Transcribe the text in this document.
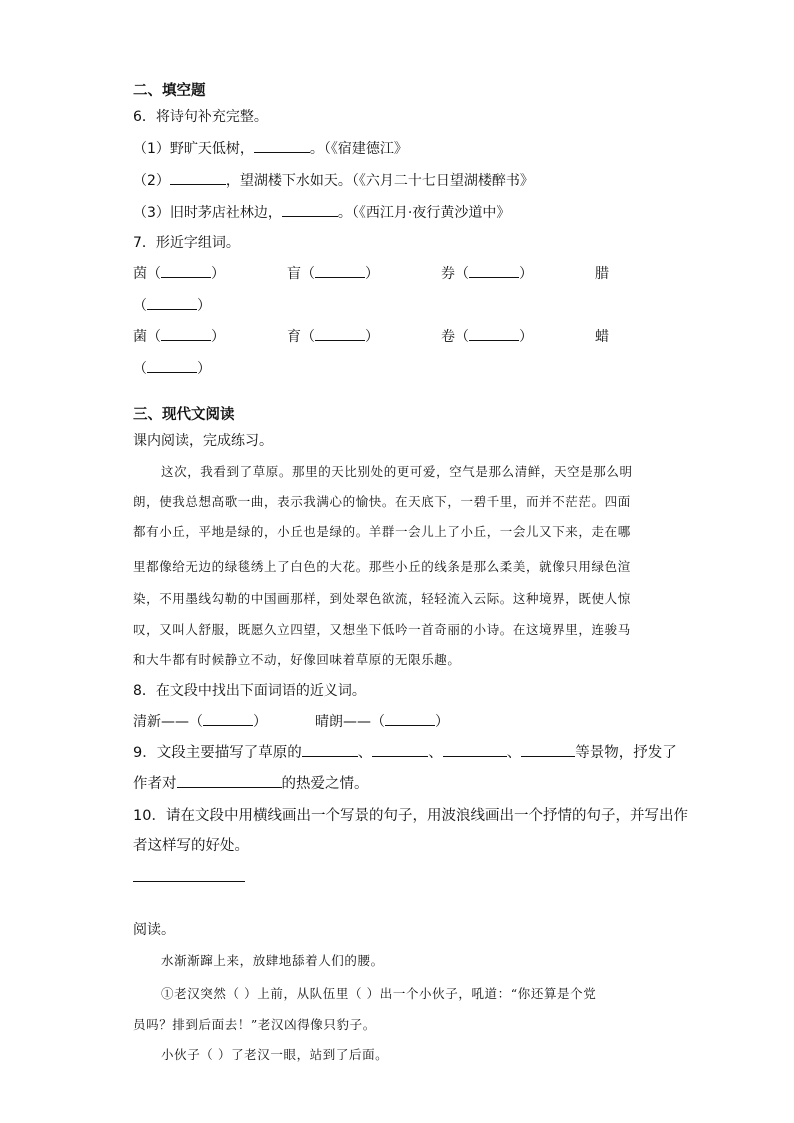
二、填空题
6．将诗句补充完整。
（1）野旷天低树，	。（《宿建德江》
（2）	，望湖楼下水如天。（《六月二十七日望湖楼醉书》
（3）旧时茅店社林边，	。（《西江月·夜行黄沙道中》
7．形近字组词。
茵（	）	盲（	）	券（	）	腊
（	）
菌（	）	育（	）	卷（	）	蜡
（	）
三、现代文阅读
课内阅读，完成练习。
这次，我看到了草原。那里的天比别处的更可爱，空气是那么清鲜，天空是那么明
朗，使我总想高歌一曲，表示我满心的愉快。在天底下，一碧千里，而并不茫茫。四面
都有小丘，平地是绿的，小丘也是绿的。羊群一会儿上了小丘，一会儿又下来，走在哪
里都像给无边的绿毯绣上了白色的大花。那些小丘的线条是那么柔美，就像只用绿色渲
染，不用墨线勾勒的中国画那样，到处翠色欲流，轻轻流入云际。这种境界，既使人惊
叹，又叫人舒服，既愿久立四望，又想坐下低吟一首奇丽的小诗。在这境界里，连骏马
和大牛都有时候静立不动，好像回味着草原的无限乐趣。
8．在文段中找出下面词语的近义词。
清新——（	）	晴朗——（	）
9．文段主要描写了草原的	、	、	、	等景物，抒发了
作者对	的热爱之情。
10．请在文段中用横线画出一个写景的句子，用波浪线画出一个抒情的句子，并写出作
者这样写的好处。
阅读。
水渐渐蹿上来，放肆地舔着人们的腰。
①老汉突然（ ）上前，从队伍里（ ）出一个小伙子，吼道：“你还算是个党
员吗？排到后面去！”老汉凶得像只豹子。
小伙子（ ）了老汉一眼，站到了后面。
